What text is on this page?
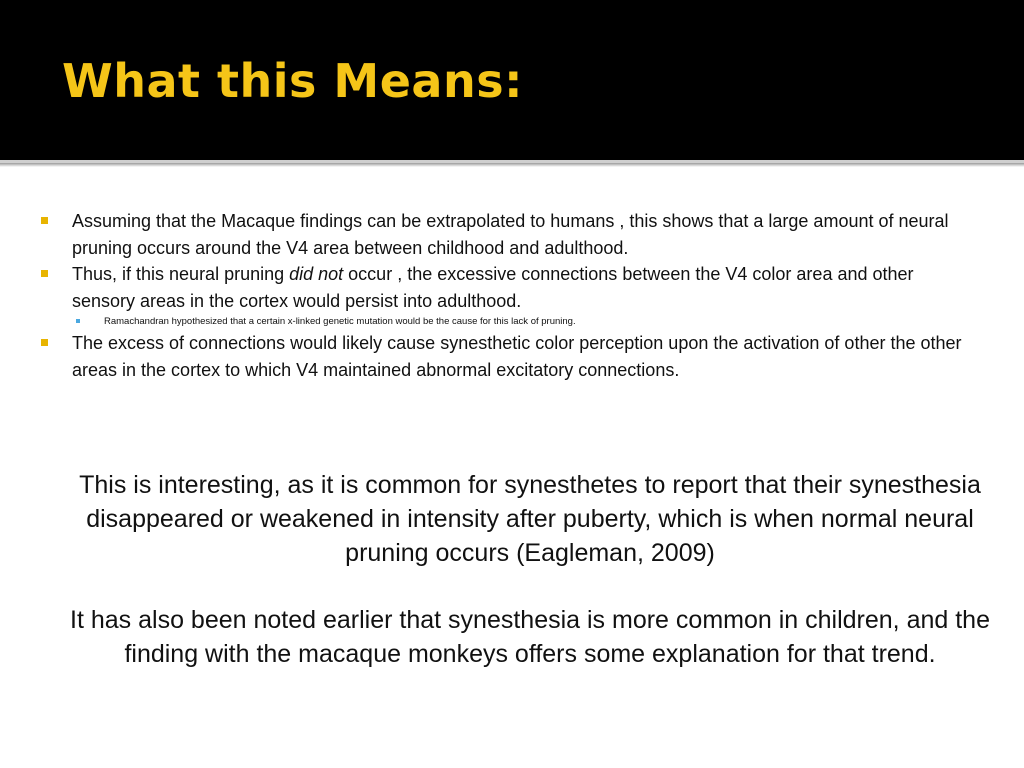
What this Means:
Assuming that the Macaque findings can be extrapolated to humans , this shows that a large amount of neural pruning occurs around the V4 area between childhood and adulthood.
Thus, if this neural pruning did not occur , the excessive connections between the V4 color area and other sensory areas in the cortex would persist into adulthood.
Ramachandran hypothesized that a certain x-linked genetic mutation would be the cause for this lack of pruning.
The excess of connections would likely cause synesthetic color perception upon the activation of other the other areas in the cortex to which V4 maintained abnormal excitatory connections.
This is interesting, as it is common for synesthetes to report that their synesthesia disappeared or weakened in intensity after puberty, which is when normal neural pruning occurs (Eagleman, 2009)
It has also been noted earlier that synesthesia is more common in children, and the finding with the macaque monkeys offers some explanation for that trend.
